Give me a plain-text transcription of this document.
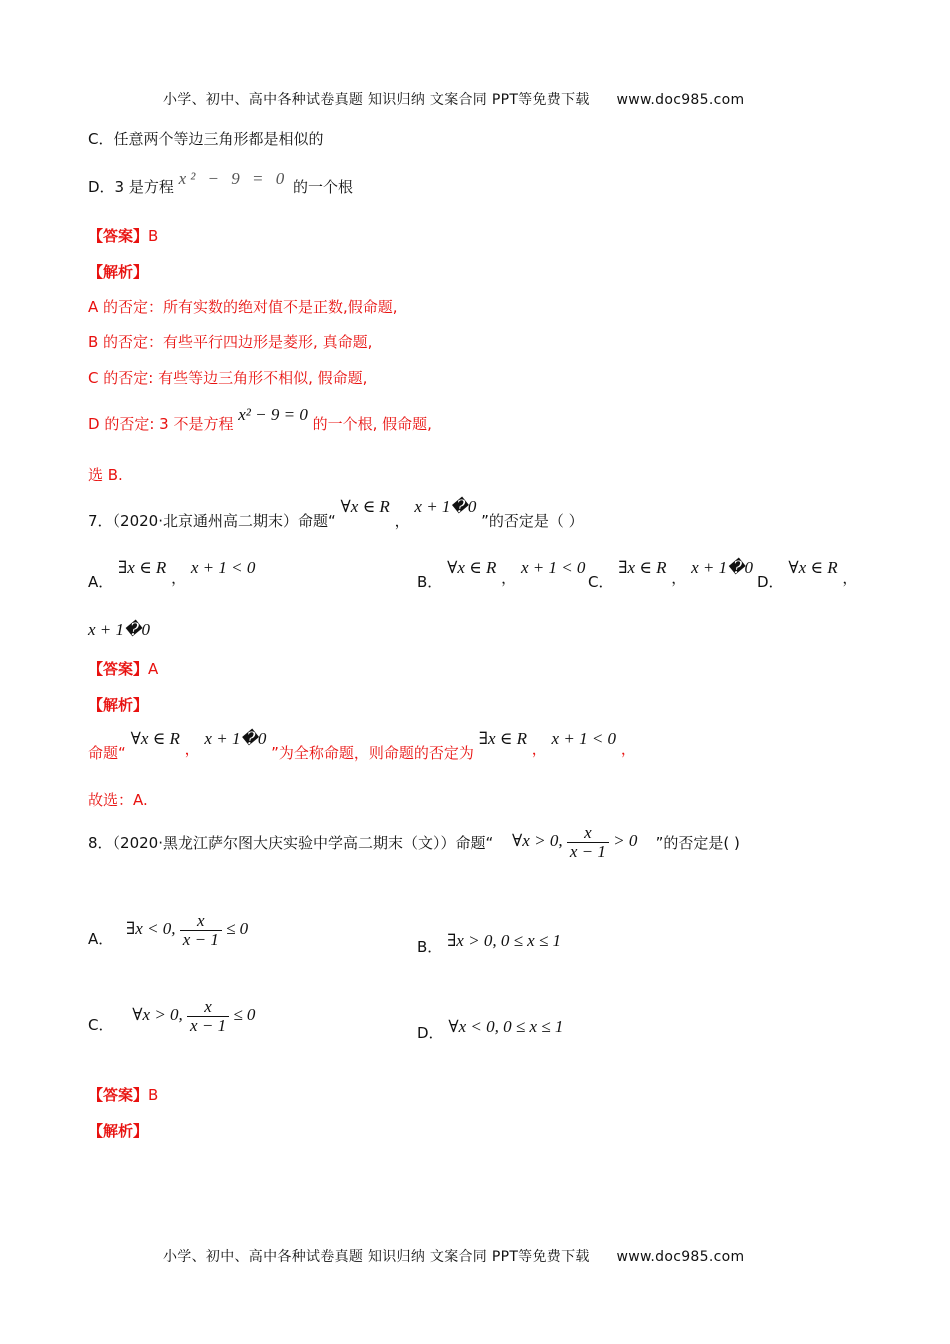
小学、初中、高中各种试卷真题 知识归纳 文案合同 PPT等免费下载 www.doc985.com
C．任意两个等边三角形都是相似的
D．3 是方程 x² − 9 = 0 的一个根
【答案】B
【解析】
A 的否定：所有实数的绝对值不是正数,假命题,
B 的否定：有些平行四边形是菱形, 真命题,
C 的否定: 有些等边三角形不相似, 假命题,
D 的否定: 3 不是方程 x² − 9 = 0 的一个根, 假命题,
选 B.
7．（2020·北京通州高二期末）命题“ ∀x ∈ R ， x + 1�0 ”的否定是（ ）
A． ∃x ∈ R ， x + 1 < 0
B． ∀x ∈ R ， x + 1 < 0
C． ∃x ∈ R ， x + 1�0
D． ∀x ∈ R ，
x + 1�0
【答案】A
【解析】
命题“ ∀x ∈ R ， x + 1�0 ”为全称命题，则命题的否定为 ∃x ∈ R ， x + 1 < 0 ，
故选：A.
8．（2020·黑龙江萨尔图大庆实验中学高二期末（文））命题“ ∀x > 0, $\frac{x}{x - 1} > 0$ ”的否定是( )
A． ∃x < 0, $\frac{x}{x - 1} \le 0$
B． ∃x > 0, 0 ≤ x ≤ 1
C． ∀x > 0, $\frac{x}{x - 1} \le 0$
D． ∀x < 0, 0 ≤ x ≤ 1
【答案】B
【解析】
小学、初中、高中各种试卷真题 知识归纳 文案合同 PPT等免费下载 www.doc985.com
